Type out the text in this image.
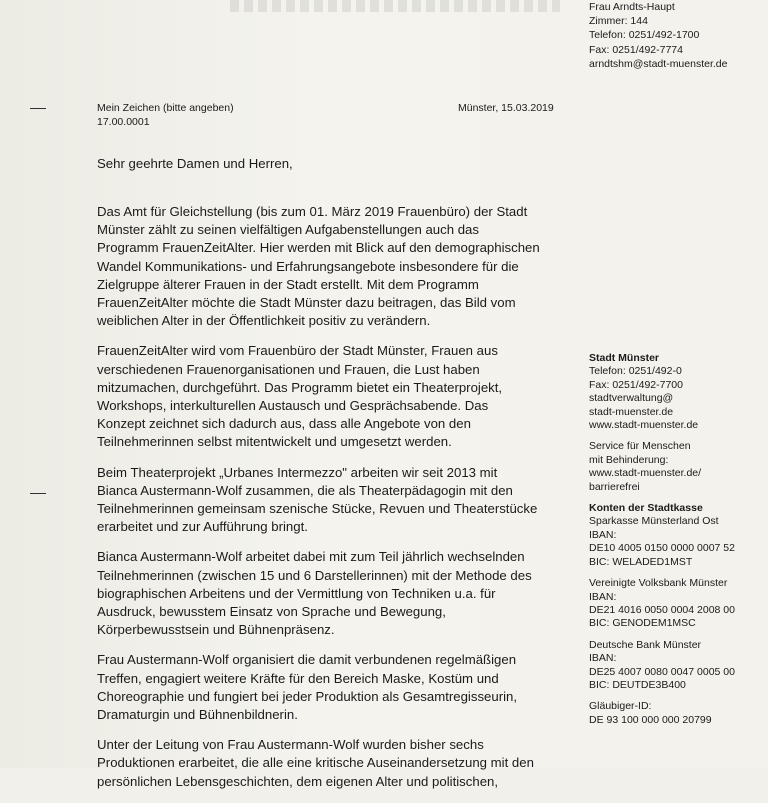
Frau Arndts-Haupt
Zimmer: 144
Telefon: 0251/492-1700
Fax: 0251/492-7774
arndtshm@stadt-muenster.de
Mein Zeichen (bitte angeben)
17.00.0001
Münster, 15.03.2019
Sehr geehrte Damen und Herren,

Das Amt für Gleichstellung (bis zum 01. März 2019 Frauenbüro) der Stadt
Münster zählt zu seinen vielfältigen Aufgabenstellungen auch das
Programm FrauenZeitAlter. Hier werden mit Blick auf den demographischen
Wandel Kommunikations- und Erfahrungsangebote insbesondere für die
Zielgruppe älterer Frauen in der Stadt erstellt. Mit dem Programm
FrauenZeitAlter möchte die Stadt Münster dazu beitragen, das Bild vom
weiblichen Alter in der Öffentlichkeit positiv zu verändern.

FrauenZeitAlter wird vom Frauenbüro der Stadt Münster, Frauen aus
verschiedenen Frauenorganisationen und Frauen, die Lust haben
mitzumachen, durchgeführt. Das Programm bietet ein Theaterprojekt,
Workshops, interkulturellen Austausch und Gesprächsabende. Das
Konzept zeichnet sich dadurch aus, dass alle Angebote von den
Teilnehmerinnen selbst mitentwickelt und umgesetzt werden.

Beim Theaterprojekt „Urbanes Intermezzo" arbeiten wir seit 2013 mit
Bianca Austermann-Wolf zusammen, die als Theaterpädagogin mit den
Teilnehmerinnen gemeinsam szenische Stücke, Revuen und Theaterstücke
erarbeitet und zur Aufführung bringt.

Bianca Austermann-Wolf arbeitet dabei mit zum Teil jährlich wechselnden
Teilnehmerinnen (zwischen 15 und 6 Darstellerinnen) mit der Methode des
biographischen Arbeitens und der Vermittlung von Techniken u.a. für
Ausdruck, bewusstem Einsatz von Sprache und Bewegung,
Körperbewusstsein und Bühnenpräsenz.

Frau Austermann-Wolf organisiert die damit verbundenen regelmäßigen
Treffen, engagiert weitere Kräfte für den Bereich Maske, Kostüm und
Choreographie und fungiert bei jeder Produktion als Gesamtregisseurin,
Dramaturgin und Bühnenbildnerin.

Unter der Leitung von Frau Austermann-Wolf wurden bisher sechs
Produktionen erarbeitet, die alle eine kritische Auseinandersetzung mit den
persönlichen Lebensgeschichten, dem eigenen Alter und politischen,

Stadt Münster
Telefon: 0251/492-0
Fax: 0251/492-7700
stadtverwaltung@
stadt-muenster.de
www.stadt-muenster.de
Service für Menschen
mit Behinderung:
www.stadt-muenster.de/
barrierefrei
Konten der Stadtkasse
Sparkasse Münsterland Ost
IBAN:
DE10 4005 0150 0000 0007 52
BIC: WELADED1MST
Vereinigte Volksbank Münster
IBAN:
DE21 4016 0050 0004 2008 00
BIC: GENODEM1MSC
Deutsche Bank Münster
IBAN:
DE25 4007 0080 0047 0005 00
BIC: DEUTDE3B400
Gläubiger-ID:
DE 93 100 000 000 20799
